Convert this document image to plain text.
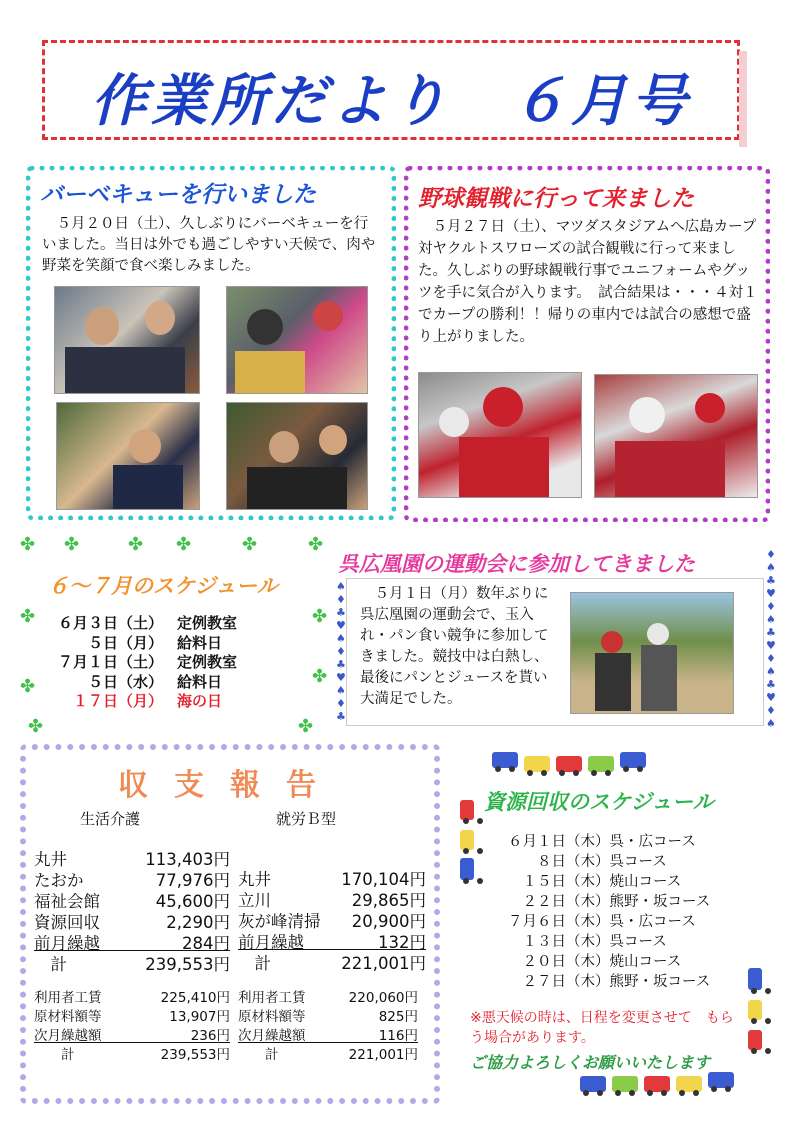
作業所だより　６月号
バーベキューを行いました
　５月２０日（土）、久しぶりにバーベキューを行いました。当日は外でも過ごしやすい天候で、肉や野菜を笑顔で食べ楽しみました。
野球観戦に行って来ました
　５月２７日（土）、マツダスタジアムへ広島カープ対ヤクルトスワローズの試合観戦に行って来ました。久しぶりの野球観戦行事でユニフォームやグッツを手に気合が入ります。　試合結果は・・・４対１でカープの勝利！！帰りの車内では試合の感想で盛り上がりました。
✤ ✤	✤ ✤	✤	✤
✤
✤
✤
✤
✤	✤
６～７月のスケジュール
６月３日（土） 定例教室
　　５日（月） 給料日
７月１日（土） 定例教室
　　５日（水） 給料日
　１７日（月） 海の日
呉広凰園の運動会に参加してきました	♦
♠
♣
♥
♦
♠
♣
♥
♦
♠
♣
♥
♦
♠
♠
♦
♣
♥
♠
♦
♣
♥
♠
♦
♣
　５月１日（月）数年ぶりに呉広凰園の運動会で、玉入れ・パン食い競争に参加してきました。競技中は白熱し、最後にパンとジュースを貰い大満足でした。
収支報告
生活介護	就労Ｂ型
丸井	113,403円
たおか	77,976円
福祉会館	45,600円
資源回収	2,290円
前月繰越	284円
　計	239,553円
丸井	170,104円
立川	29,865円
灰が峰清掃 20,900円
前月繰越	132円
　計	221,001円
利用者工賃	225,410円
原材料額等	13,907円
次月繰越額	236円
　　計	239,553円
利用者工賃	220,060円
原材料額等	825円
次月繰越額	116円
　　計	221,001円
資源回収のスケジュール
６月１日（木）呉・広コース
　　８日（木）呉コース
　１５日（木）焼山コース
　２２日（木）熊野・坂コース
７月６日（木）呉・広コース
　１３日（木）呉コース
　２０日（木）焼山コース
　２７日（木）熊野・坂コース
※悪天候の時は、日程を変更させて　もらう場合があります。
ご協力よろしくお願いいたします
